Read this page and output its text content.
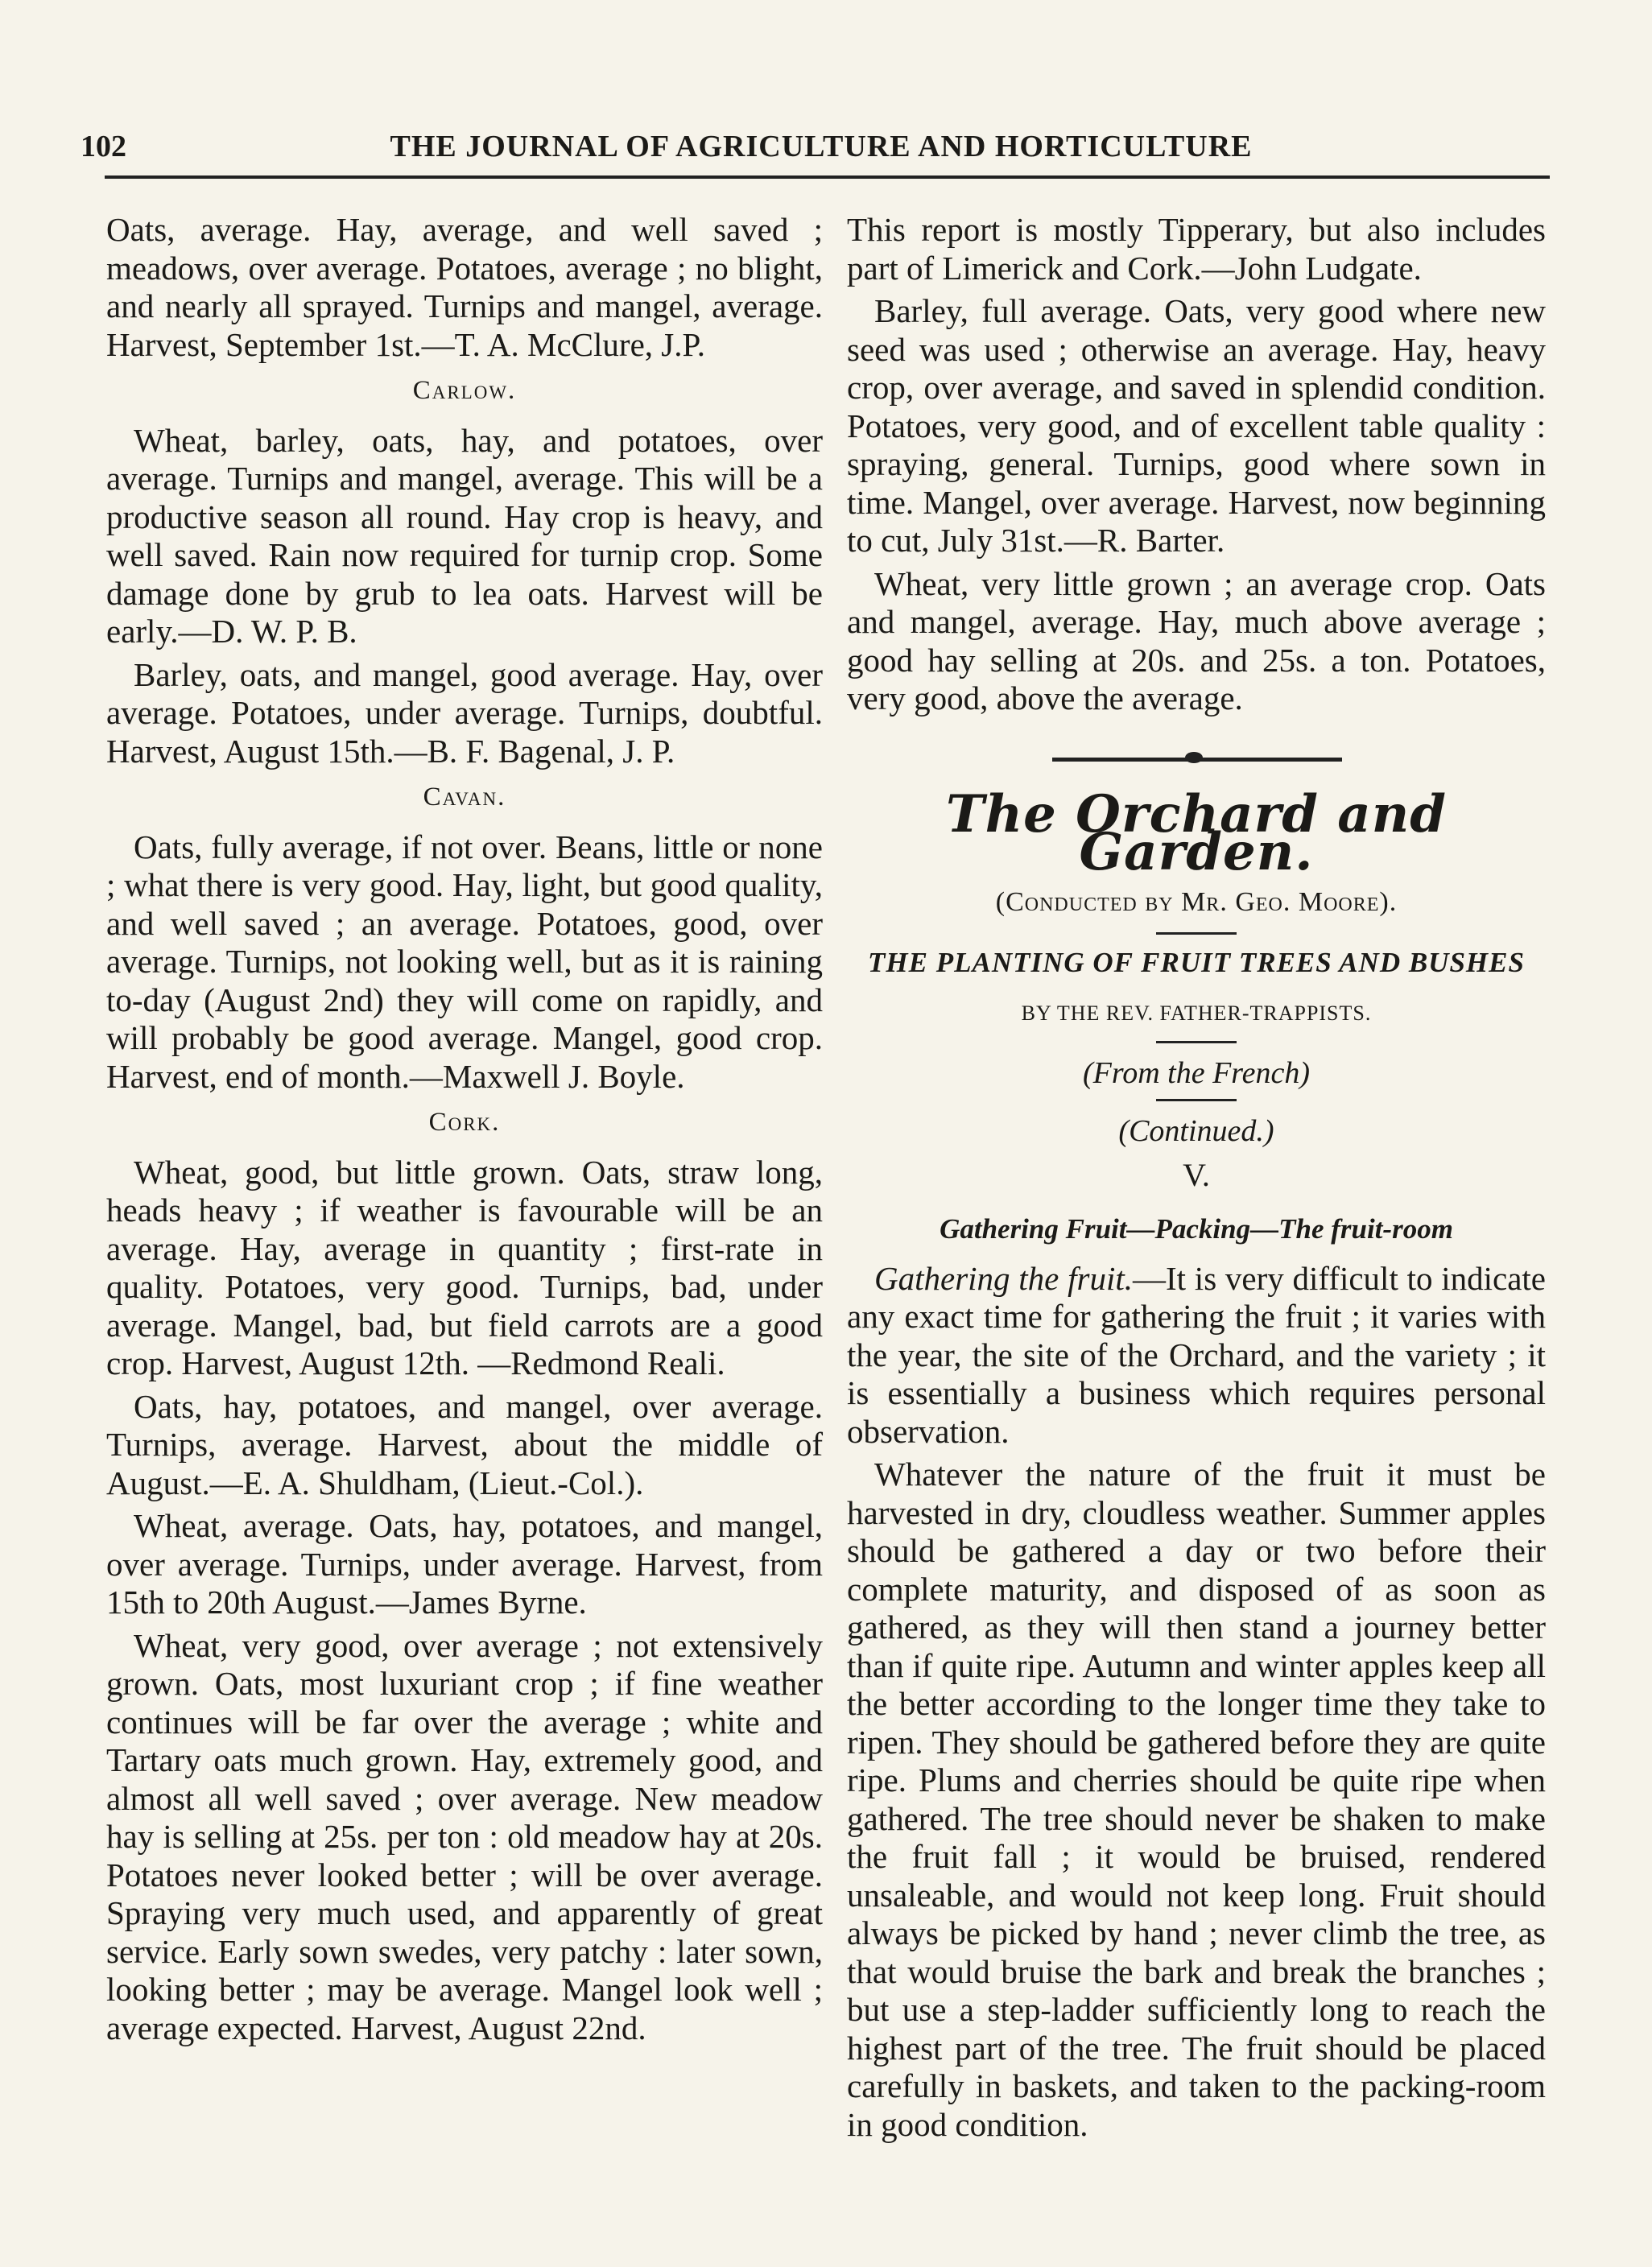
102	THE JOURNAL OF AGRICULTURE AND HORTICULTURE

Oats, average. Hay, average, and well saved ; meadows, over average. Potatoes, average ; no blight, and nearly all sprayed. Turnips and mangel, average. Harvest, September 1st.—T. A. McClure, J.P.

Carlow.

Wheat, barley, oats, hay, and potatoes, over average. Turnips and mangel, average. This will be a productive season all round. Hay crop is heavy, and well saved. Rain now required for turnip crop. Some damage done by grub to lea oats. Harvest will be early.—D. W. P. B.

Barley, oats, and mangel, good average. Hay, over average. Potatoes, under average. Turnips, doubtful. Harvest, August 15th.—B. F. Bagenal, J. P.

Cavan.

Oats, fully average, if not over. Beans, little or none ; what there is very good. Hay, light, but good quality, and well saved ; an average. Potatoes, good, over average. Turnips, not looking well, but as it is raining to-day (August 2nd) they will come on rapidly, and will probably be good average. Mangel, good crop. Harvest, end of month.—Maxwell J. Boyle.

Cork.

Wheat, good, but little grown. Oats, straw long, heads heavy ; if weather is favourable will be an average. Hay, average in quantity ; first-rate in quality. Potatoes, very good. Turnips, bad, under average. Mangel, bad, but field carrots are a good crop. Harvest, August 12th. —Redmond Reali.

Oats, hay, potatoes, and mangel, over average. Turnips, average. Harvest, about the middle of August.—E. A. Shuldham, (Lieut.-Col.).

Wheat, average. Oats, hay, potatoes, and mangel, over average. Turnips, under average. Harvest, from 15th to 20th August.—James Byrne.

Wheat, very good, over average ; not extensively grown. Oats, most luxuriant crop ; if fine weather continues will be far over the average ; white and Tartary oats much grown. Hay, extremely good, and almost all well saved ; over average. New meadow hay is selling at 25s. per ton : old meadow hay at 20s. Potatoes never looked better ; will be over average. Spraying very much used, and apparently of great service. Early sown swedes, very patchy : later sown, looking better ; may be average. Mangel look well ; average expected. Harvest, August 22nd.

This report is mostly Tipperary, but also includes part of Limerick and Cork.—John Ludgate.

Barley, full average. Oats, very good where new seed was used ; otherwise an average. Hay, heavy crop, over average, and saved in splendid condition. Potatoes, very good, and of excellent table quality : spraying, general. Turnips, good where sown in time. Mangel, over average. Harvest, now beginning to cut, July 31st.—R. Barter.

Wheat, very little grown ; an average crop. Oats and mangel, average. Hay, much above average ; good hay selling at 20s. and 25s. a ton. Potatoes, very good, above the average.

The Orchard and Garden.
(Conducted by Mr. Geo. Moore).
THE PLANTING OF FRUIT TREES AND BUSHES
BY THE REV. FATHER-TRAPPISTS.
(From the French)
(Continued.)
V.
Gathering Fruit—Packing—The fruit-room

Gathering the fruit.—It is very difficult to indicate any exact time for gathering the fruit ; it varies with the year, the site of the Orchard, and the variety ; it is essentially a business which requires personal observation.

Whatever the nature of the fruit it must be harvested in dry, cloudless weather. Summer apples should be gathered a day or two before their complete maturity, and disposed of as soon as gathered, as they will then stand a journey better than if quite ripe. Autumn and winter apples keep all the better according to the longer time they take to ripen. They should be gathered before they are quite ripe. Plums and cherries should be quite ripe when gathered. The tree should never be shaken to make the fruit fall ; it would be bruised, rendered unsaleable, and would not keep long. Fruit should always be picked by hand ; never climb the tree, as that would bruise the bark and break the branches ; but use a step-ladder sufficiently long to reach the highest part of the tree. The fruit should be placed carefully in baskets, and taken to the packing-room in good condition.
